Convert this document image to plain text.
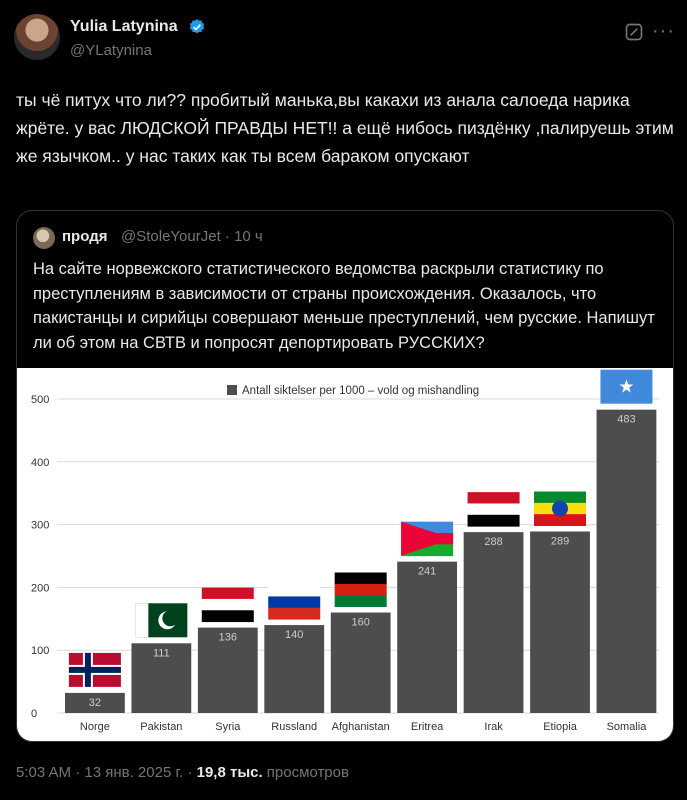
Yulia Latynina
@YLatynina
···
ты чё питух что ли?? пробитый манька,вы какахи из анала салоеда нарика жрёте. у вас ЛЮДСКОЙ ПРАВДЫ НЕТ!! а ещё нибось пиздёнку ,палируешь этим же язычком.. у нас таких как ты всем бараком опускают
продя @StoleYourJet · 10 ч
На сайте норвежского статистического ведомства раскрыли статистику по преступлениям в зависимости от страны происхождения. Оказалось, что пакистанцы и сирийцы совершают меньше преступлений, чем русские. Напишут ли об этом на СВТВ и попросят депортировать РУССКИХ?
0
100
200
300
400
500
Antall siktelser per 1000 – vold og mishandling
32
Norge
111
Pakistan
136
Syria
140
Russland
160
Afghanistan
241
Eritrea
288
Irak
289
Etiopia
483
Somalia
★
5:03 AM · 13 янв. 2025 г. · 19,8 тыс. просмотров
